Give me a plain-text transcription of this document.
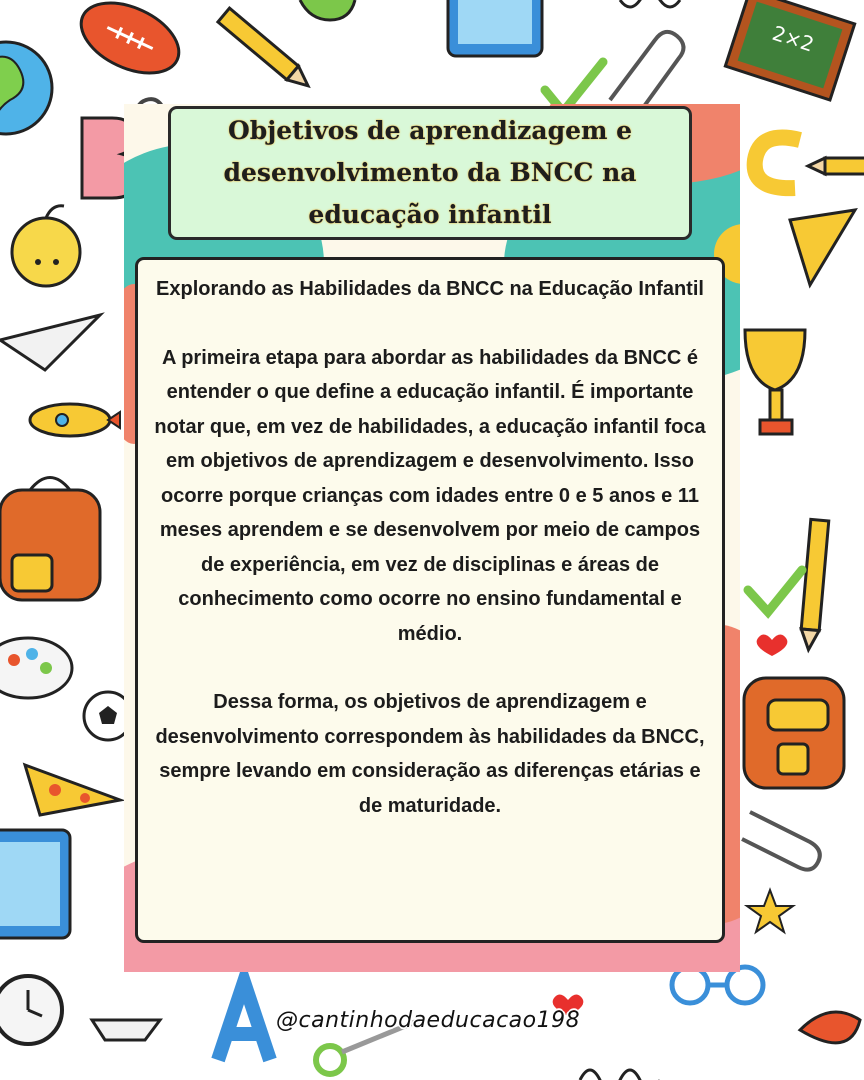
2×2
Objetivos de aprendizagem e desenvolvimento da BNCC na educação infantil

Explorando as Habilidades da BNCC na Educação Infantil

A primeira etapa para abordar as habilidades da BNCC é entender o que define a educação infantil. É importante notar que, em vez de habilidades, a educação infantil foca em objetivos de aprendizagem e desenvolvimento. Isso ocorre porque crianças com idades entre 0 e 5 anos e 11 meses aprendem e se desenvolvem por meio de campos de experiência, em vez de disciplinas e áreas de conhecimento como ocorre no ensino fundamental e médio.

Dessa forma, os objetivos de aprendizagem e desenvolvimento correspondem às habilidades da BNCC, sempre levando em consideração as diferenças etárias e de maturidade.

@cantinhodaeducacao198
